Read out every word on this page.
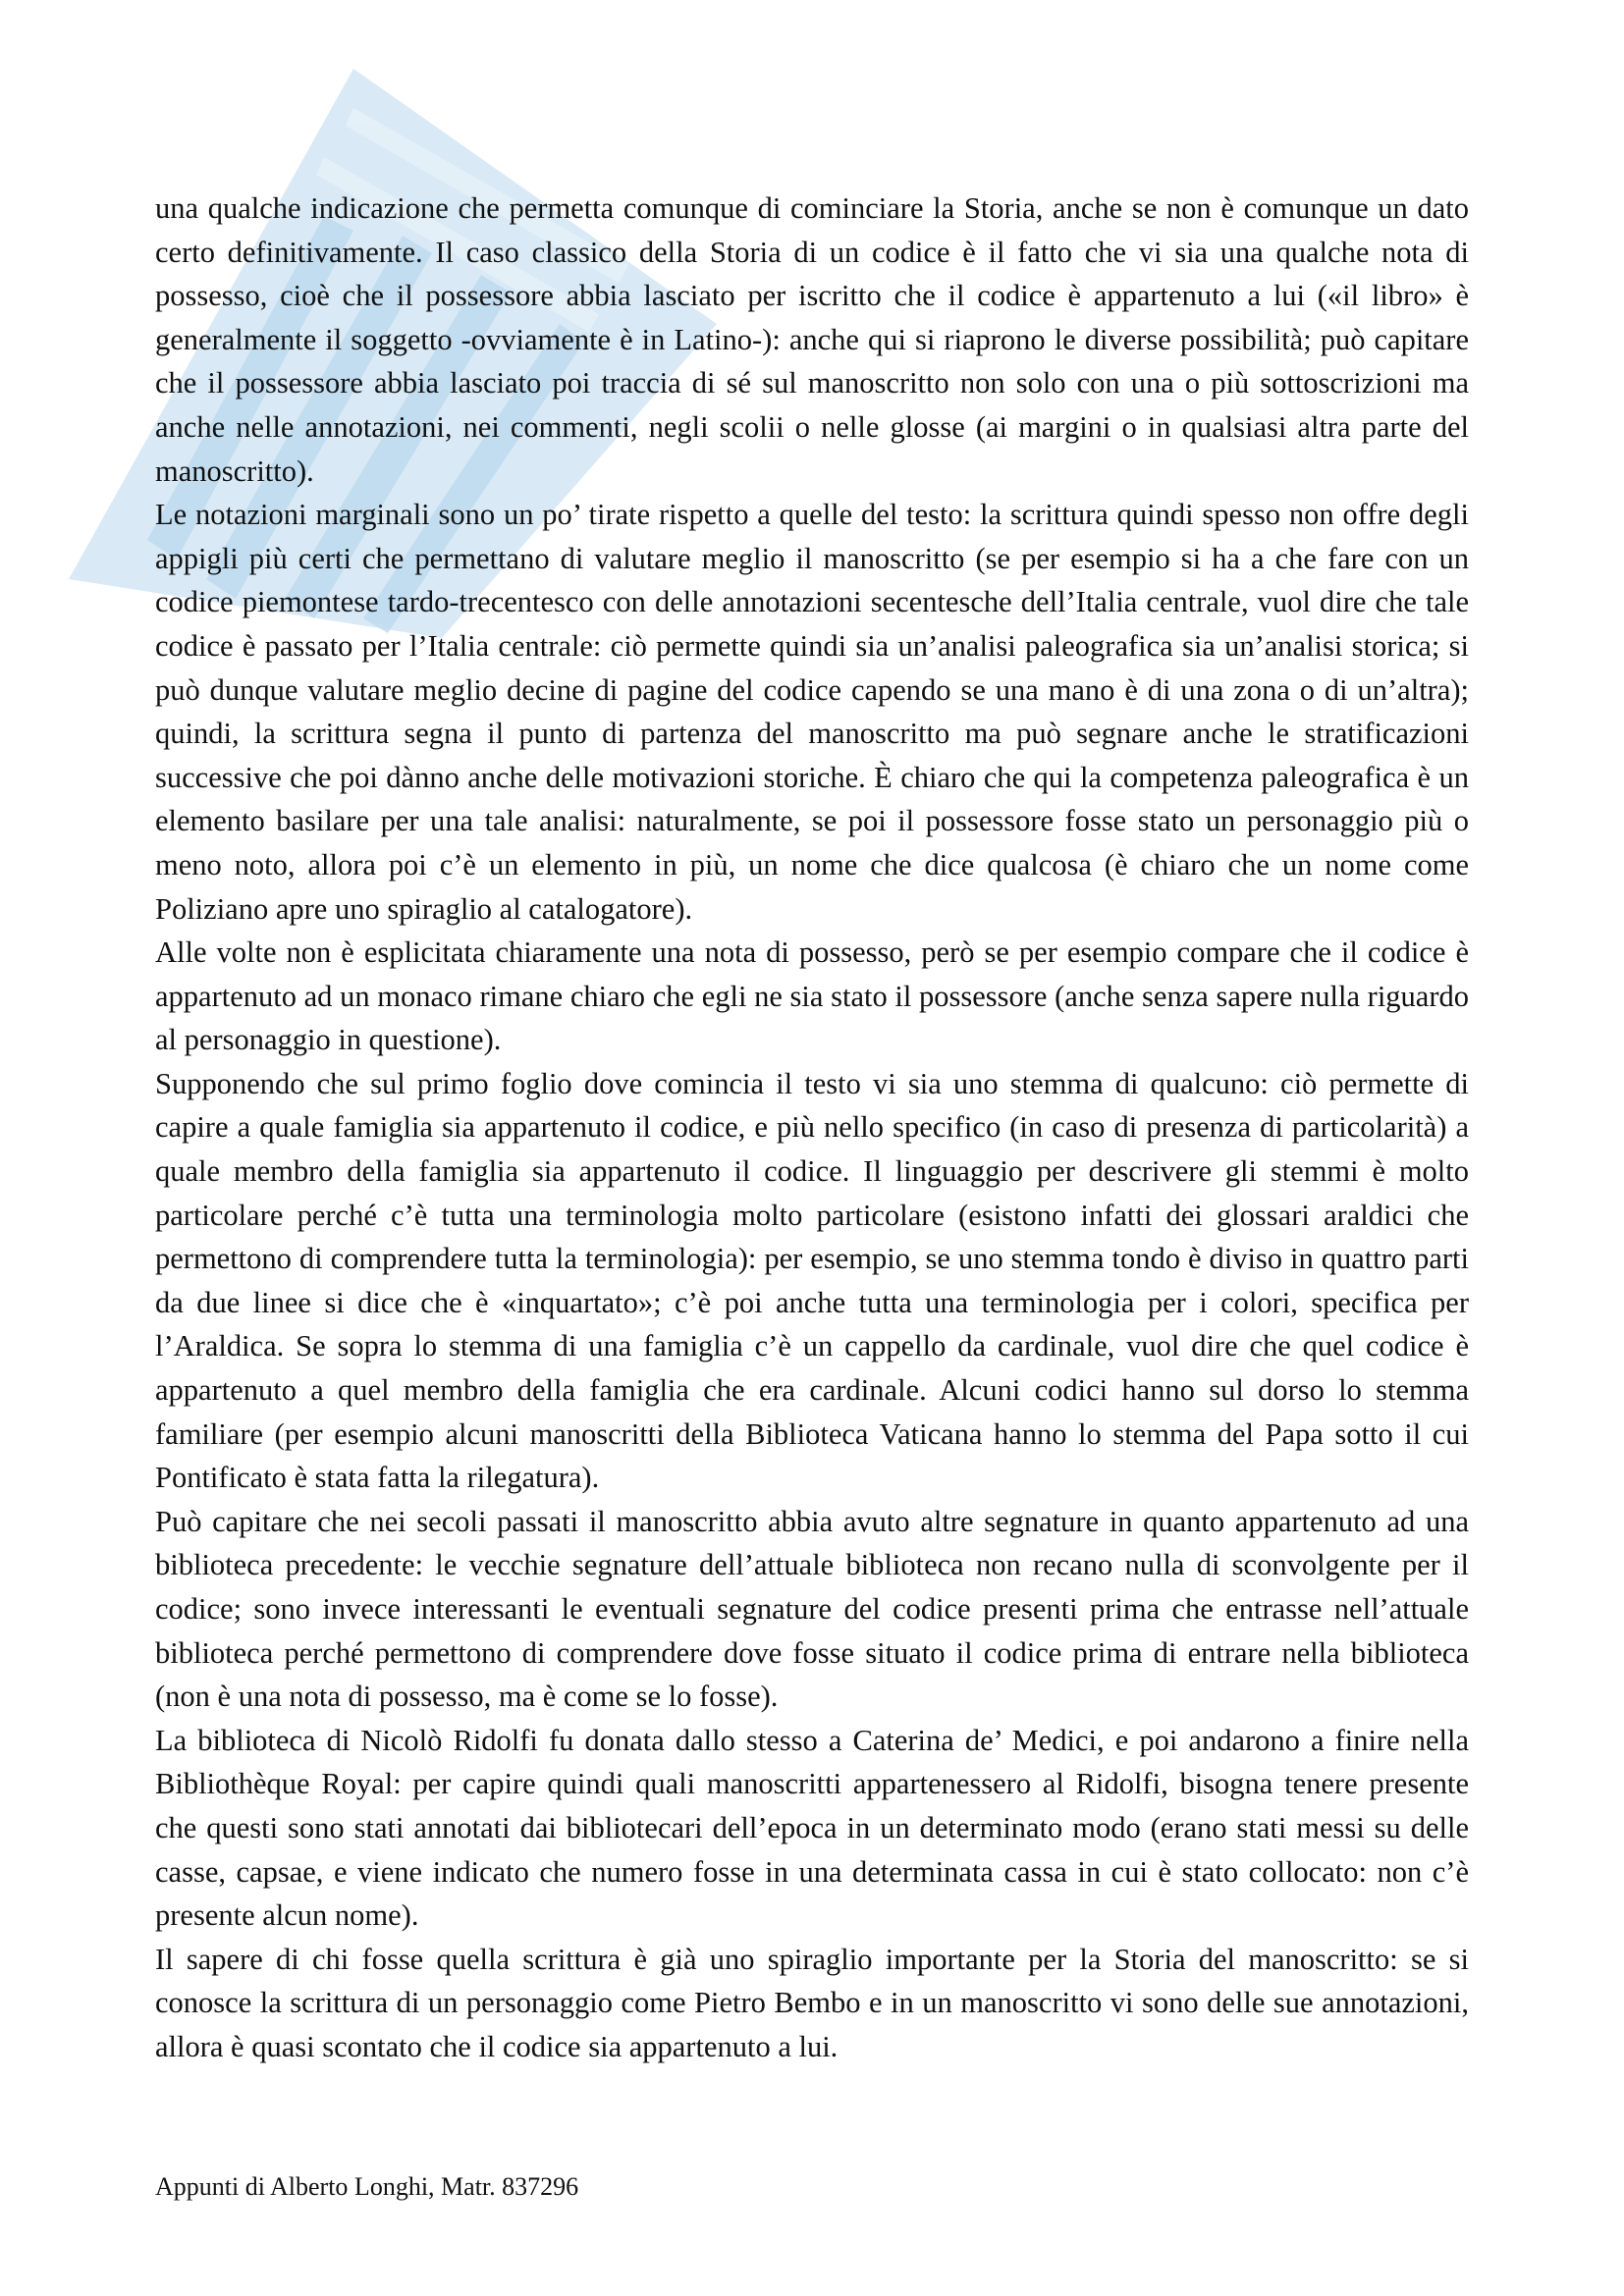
una qualche indicazione che permetta comunque di cominciare la Storia, anche se non è comunque un dato certo definitivamente. Il caso classico della Storia di un codice è il fatto che vi sia una qualche nota di possesso, cioè che il possessore abbia lasciato per iscritto che il codice è appartenuto a lui («il libro» è generalmente il soggetto -ovviamente è in Latino-): anche qui si riaprono le diverse possibilità; può capitare che il possessore abbia lasciato poi traccia di sé sul manoscritto non solo con una o più sottoscrizioni ma anche nelle annotazioni, nei commenti, negli scolii o nelle glosse (ai margini o in qualsiasi altra parte del manoscritto).

Le notazioni marginali sono un po’ tirate rispetto a quelle del testo: la scrittura quindi spesso non offre degli appigli più certi che permettano di valutare meglio il manoscritto (se per esempio si ha a che fare con un codice piemontese tardo-trecentesco con delle annotazioni secentesche dell’Italia centrale, vuol dire che tale codice è passato per l’Italia centrale: ciò permette quindi sia un’analisi paleografica sia un’analisi storica; si può dunque valutare meglio decine di pagine del codice capendo se una mano è di una zona o di un’altra); quindi, la scrittura segna il punto di partenza del manoscritto ma può segnare anche le stratificazioni successive che poi dànno anche delle motivazioni storiche. È chiaro che qui la competenza paleografica è un elemento basilare per una tale analisi: naturalmente, se poi il possessore fosse stato un personaggio più o meno noto, allora poi c’è un elemento in più, un nome che dice qualcosa (è chiaro che un nome come Poliziano apre uno spiraglio al catalogatore).

Alle volte non è esplicitata chiaramente una nota di possesso, però se per esempio compare che il codice è appartenuto ad un monaco rimane chiaro che egli ne sia stato il possessore (anche senza sapere nulla riguardo al personaggio in questione).

Supponendo che sul primo foglio dove comincia il testo vi sia uno stemma di qualcuno: ciò permette di capire a quale famiglia sia appartenuto il codice, e più nello specifico (in caso di presenza di particolarità) a quale membro della famiglia sia appartenuto il codice. Il linguaggio per descrivere gli stemmi è molto particolare perché c’è tutta una terminologia molto particolare (esistono infatti dei glossari araldici che permettono di comprendere tutta la terminologia): per esempio, se uno stemma tondo è diviso in quattro parti da due linee si dice che è «inquartato»; c’è poi anche tutta una terminologia per i colori, specifica per l’Araldica. Se sopra lo stemma di una famiglia c’è un cappello da cardinale, vuol dire che quel codice è appartenuto a quel membro della famiglia che era cardinale. Alcuni codici hanno sul dorso lo stemma familiare (per esempio alcuni manoscritti della Biblioteca Vaticana hanno lo stemma del Papa sotto il cui Pontificato è stata fatta la rilegatura).

Può capitare che nei secoli passati il manoscritto abbia avuto altre segnature in quanto appartenuto ad una biblioteca precedente: le vecchie segnature dell’attuale biblioteca non recano nulla di sconvolgente per il codice; sono invece interessanti le eventuali segnature del codice presenti prima che entrasse nell’attuale biblioteca perché permettono di comprendere dove fosse situato il codice prima di entrare nella biblioteca (non è una nota di possesso, ma è come se lo fosse).

La biblioteca di Nicolò Ridolfi fu donata dallo stesso a Caterina de’ Medici, e poi andarono a finire nella Bibliothèque Royal: per capire quindi quali manoscritti appartenessero al Ridolfi, bisogna tenere presente che questi sono stati annotati dai bibliotecari dell’epoca in un determinato modo (erano stati messi su delle casse, capsae, e viene indicato che numero fosse in una determinata cassa in cui è stato collocato: non c’è presente alcun nome).

Il sapere di chi fosse quella scrittura è già uno spiraglio importante per la Storia del manoscritto: se si conosce la scrittura di un personaggio come Pietro Bembo e in un manoscritto vi sono delle sue annotazioni, allora è quasi scontato che il codice sia appartenuto a lui.

Appunti di Alberto Longhi, Matr. 837296
